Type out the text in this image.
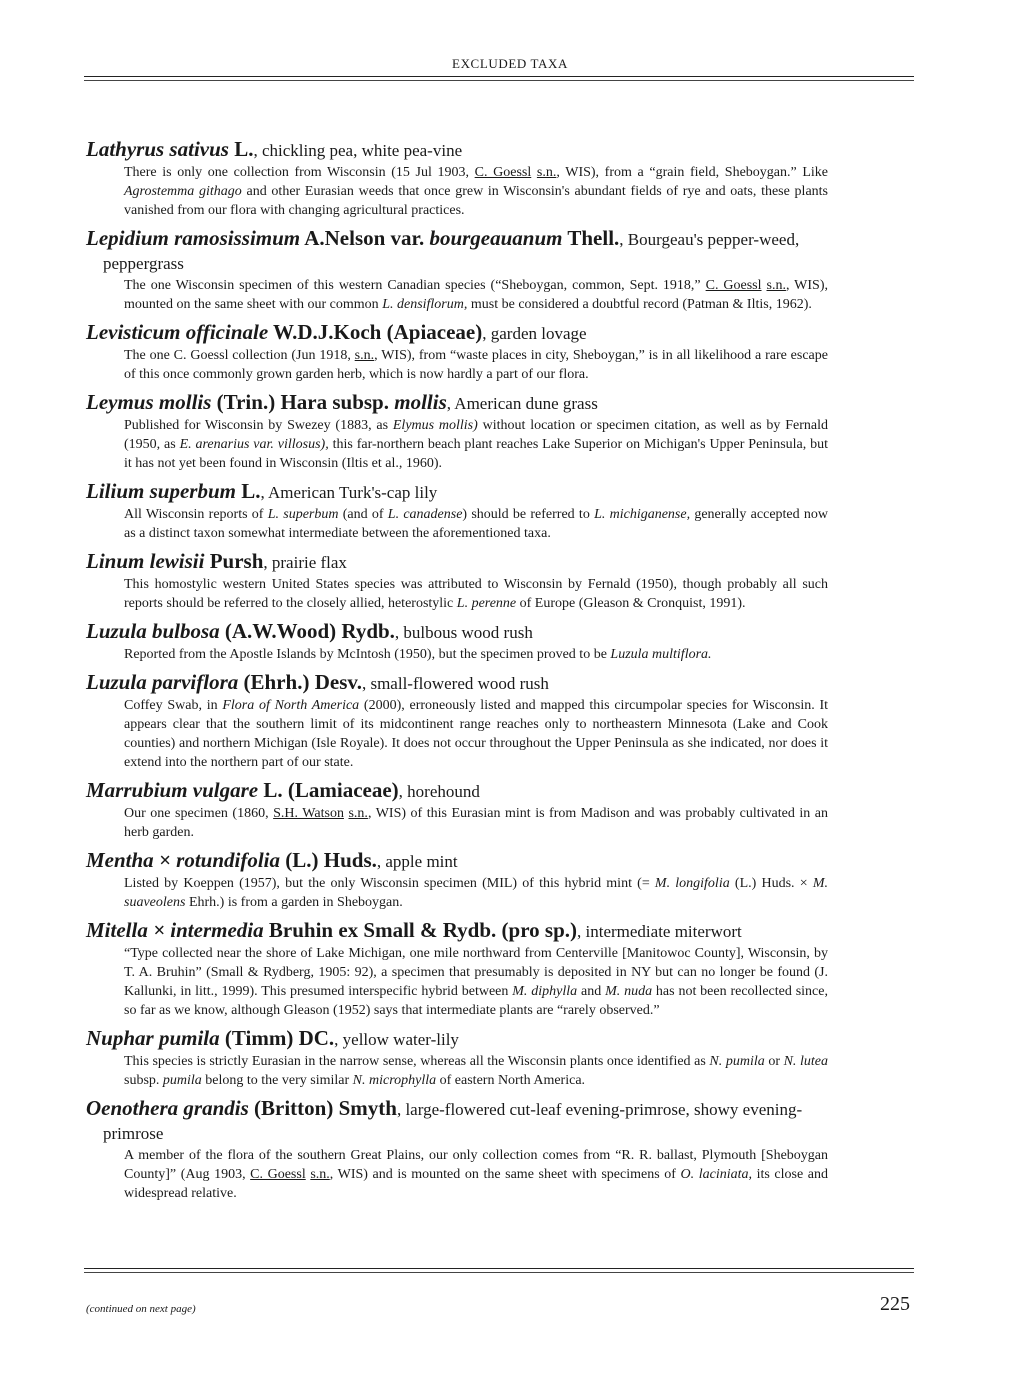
EXCLUDED TAXA
Lathyrus sativus L., chickling pea, white pea-vine
There is only one collection from Wisconsin (15 Jul 1903, C. Goessl s.n., WIS), from a “grain field, Sheboygan.” Like Agrostemma githago and other Eurasian weeds that once grew in Wisconsin's abundant fields of rye and oats, these plants vanished from our flora with changing agricultural practices.
Lepidium ramosissimum A.Nelson var. bourgeauanum Thell., Bourgeau's pepper-weed, peppergrass
The one Wisconsin specimen of this western Canadian species (“Sheboygan, common, Sept. 1918,” C. Goessl s.n., WIS), mounted on the same sheet with our common L. densiflorum, must be considered a doubtful record (Patman & Iltis, 1962).
Levisticum officinale W.D.J.Koch (Apiaceae), garden lovage
The one C. Goessl collection (Jun 1918, s.n., WIS), from “waste places in city, Sheboygan,” is in all likelihood a rare escape of this once commonly grown garden herb, which is now hardly a part of our flora.
Leymus mollis (Trin.) Hara subsp. mollis, American dune grass
Published for Wisconsin by Swezey (1883, as Elymus mollis) without location or specimen citation, as well as by Fernald (1950, as E. arenarius var. villosus), this far-northern beach plant reaches Lake Superior on Michigan's Upper Peninsula, but it has not yet been found in Wisconsin (Iltis et al., 1960).
Lilium superbum L., American Turk's-cap lily
All Wisconsin reports of L. superbum (and of L. canadense) should be referred to L. michiganense, generally accepted now as a distinct taxon somewhat intermediate between the aforementioned taxa.
Linum lewisii Pursh, prairie flax
This homostylic western United States species was attributed to Wisconsin by Fernald (1950), though probably all such reports should be referred to the closely allied, heterostylic L. perenne of Europe (Gleason & Cronquist, 1991).
Luzula bulbosa (A.W.Wood) Rydb., bulbous wood rush
Reported from the Apostle Islands by McIntosh (1950), but the specimen proved to be Luzula multiflora.
Luzula parviflora (Ehrh.) Desv., small-flowered wood rush
Coffey Swab, in Flora of North America (2000), erroneously listed and mapped this circumpolar species for Wisconsin. It appears clear that the southern limit of its midcontinent range reaches only to northeastern Minnesota (Lake and Cook counties) and northern Michigan (Isle Royale). It does not occur throughout the Upper Peninsula as she indicated, nor does it extend into the northern part of our state.
Marrubium vulgare L. (Lamiaceae), horehound
Our one specimen (1860, S.H. Watson s.n., WIS) of this Eurasian mint is from Madison and was probably cultivated in an herb garden.
Mentha × rotundifolia (L.) Huds., apple mint
Listed by Koeppen (1957), but the only Wisconsin specimen (MIL) of this hybrid mint (= M. longifolia (L.) Huds. × M. suaveolens Ehrh.) is from a garden in Sheboygan.
Mitella × intermedia Bruhin ex Small & Rydb. (pro sp.), intermediate miterwort
“Type collected near the shore of Lake Michigan, one mile northward from Centerville [Manitowoc County], Wisconsin, by T. A. Bruhin” (Small & Rydberg, 1905: 92), a specimen that presumably is deposited in NY but can no longer be found (J. Kallunki, in litt., 1999). This presumed interspecific hybrid between M. diphylla and M. nuda has not been recollected since, so far as we know, although Gleason (1952) says that intermediate plants are “rarely observed.”
Nuphar pumila (Timm) DC., yellow water-lily
This species is strictly Eurasian in the narrow sense, whereas all the Wisconsin plants once identified as N. pumila or N. lutea subsp. pumila belong to the very similar N. microphylla of eastern North America.
Oenothera grandis (Britton) Smyth, large-flowered cut-leaf evening-primrose, showy evening-primrose
A member of the flora of the southern Great Plains, our only collection comes from “R. R. ballast, Plymouth [Sheboygan County]” (Aug 1903, C. Goessl s.n., WIS) and is mounted on the same sheet with specimens of O. laciniata, its close and widespread relative.
(continued on next page)	225
